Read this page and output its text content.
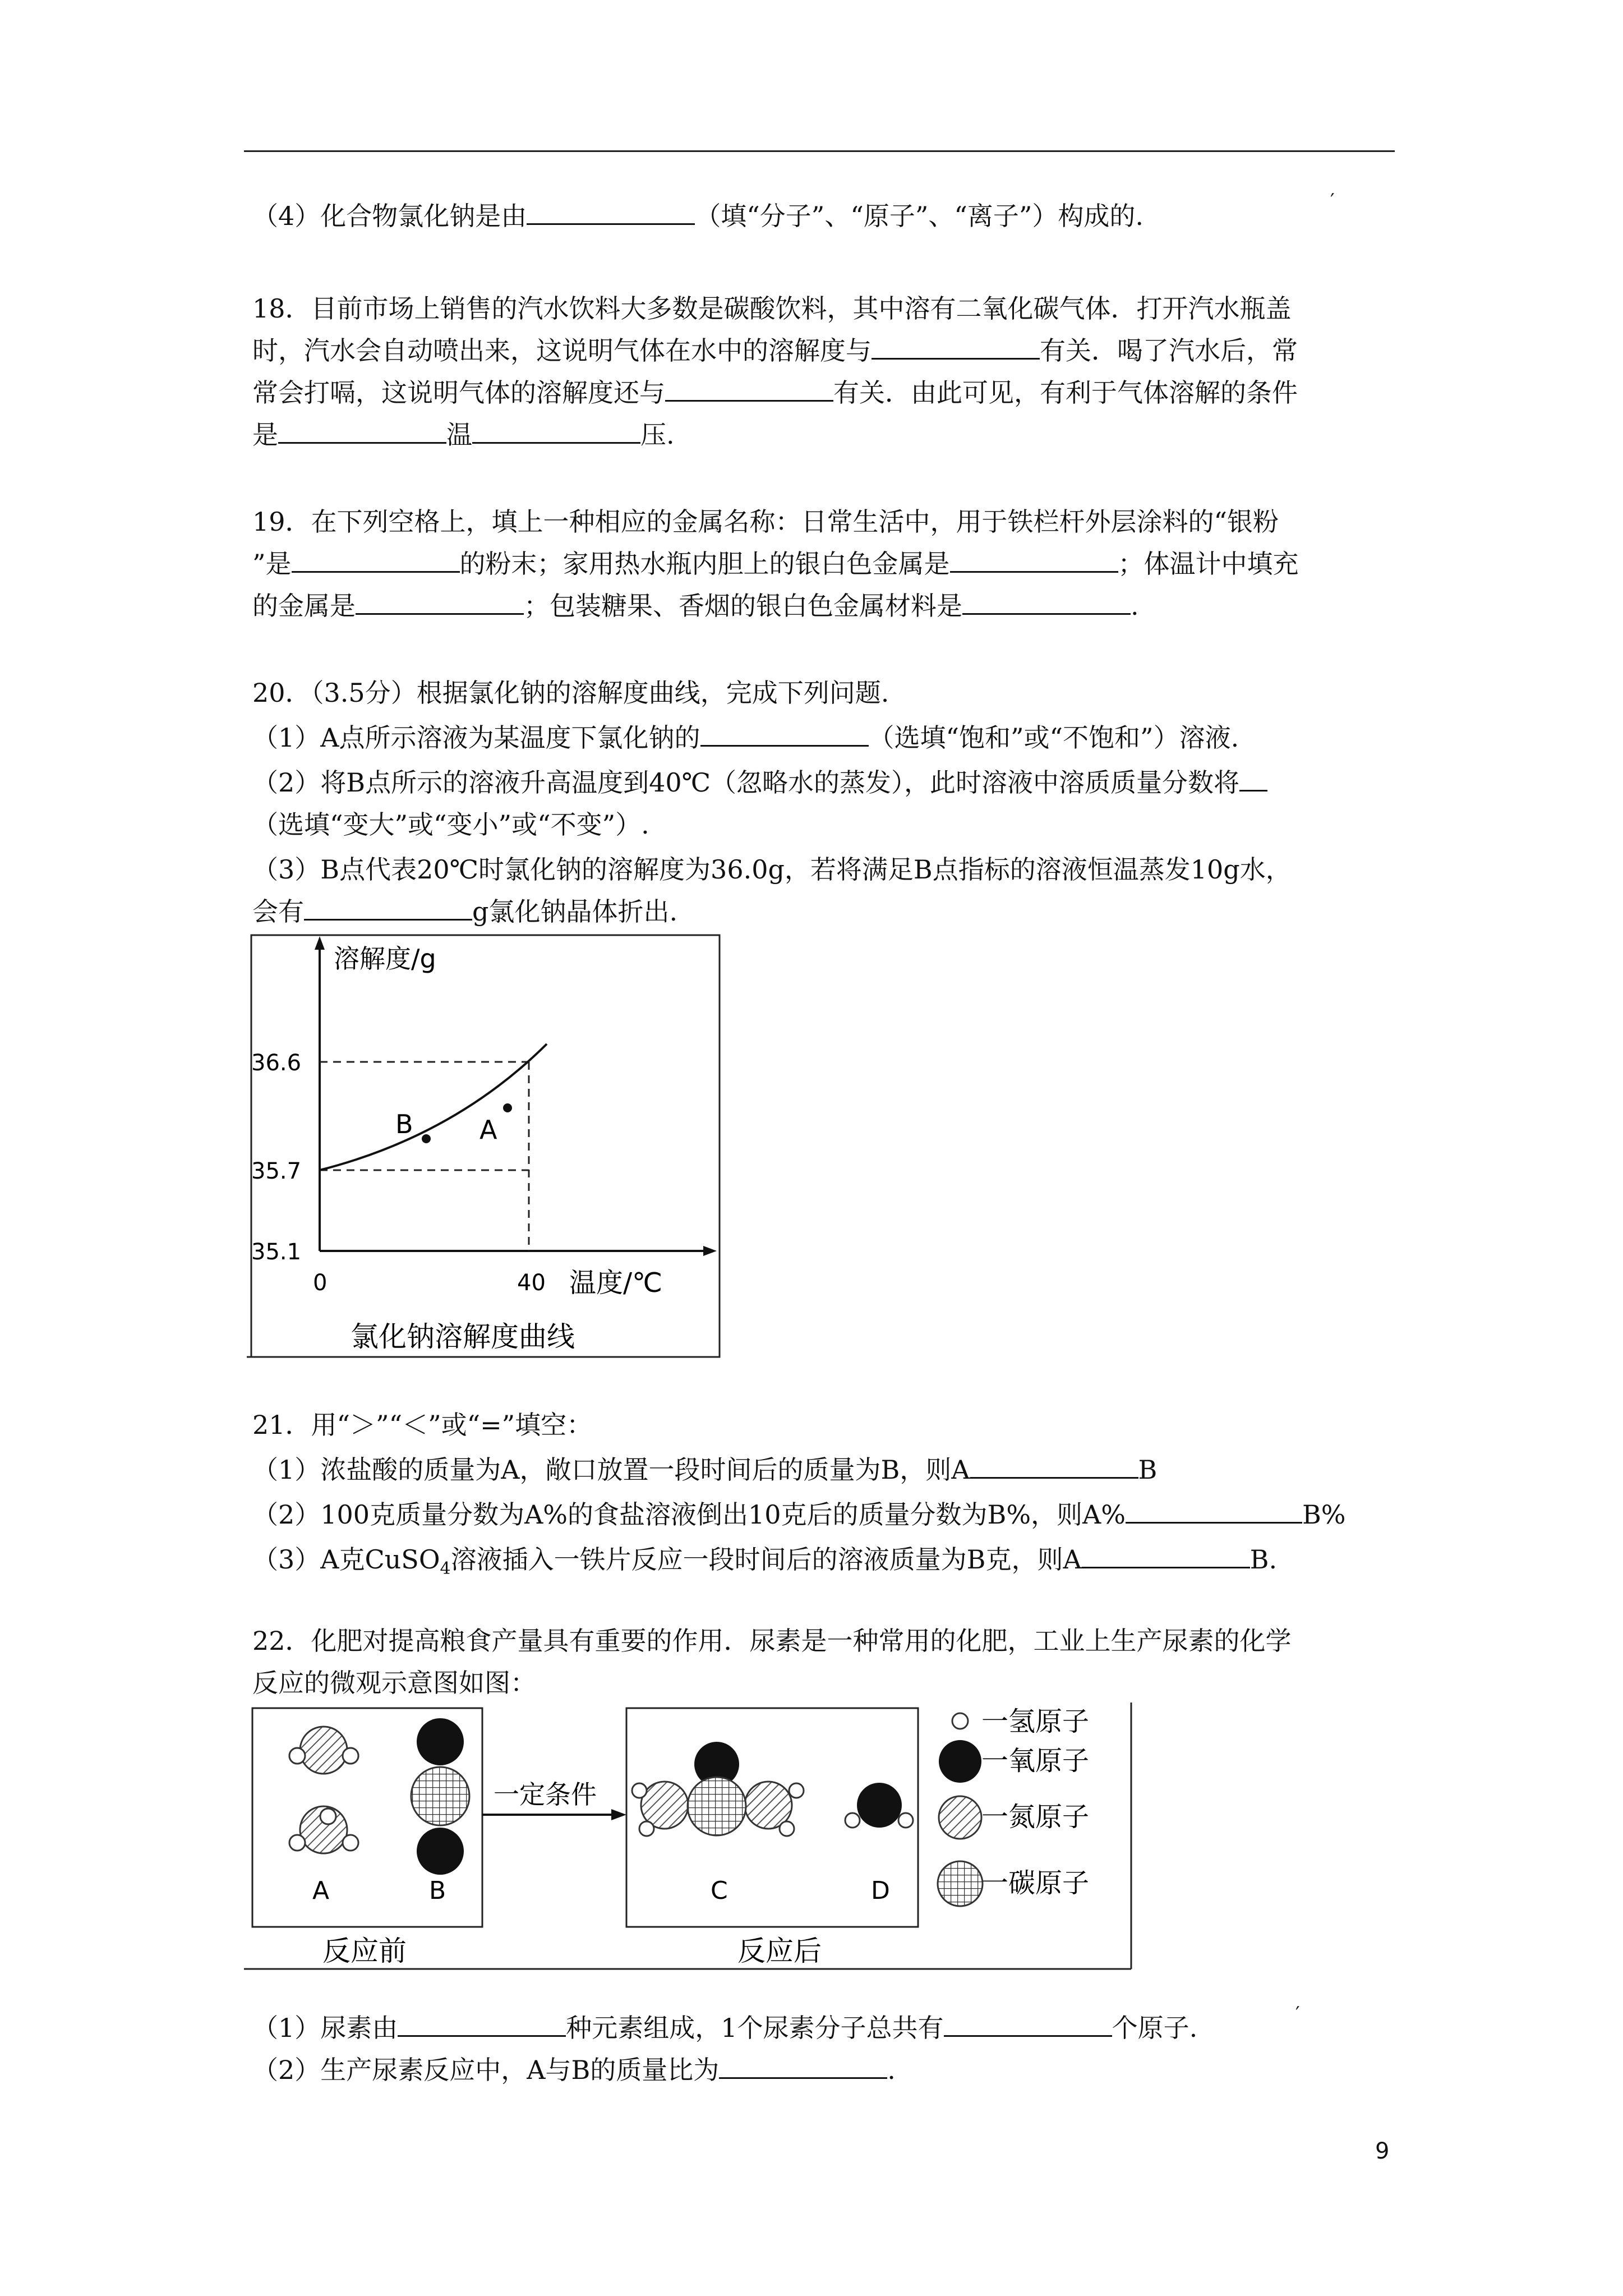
（4）化合物氯化钠是由	（填“分子”、“原子”、“离子”）构成的.	′
18．目前市场上销售的汽水饮料大多数是碳酸饮料，其中溶有二氧化碳气体．打开汽水瓶盖
时，汽水会自动喷出来，这说明气体在水中的溶解度与	有关．喝了汽水后，常
常会打嗝，这说明气体的溶解度还与	有关．由此可见，有利于气体溶解的条件
是	温	压.
19．在下列空格上，填上一种相应的金属名称：日常生活中，用于铁栏杆外层涂料的“银粉
”是	的粉末；家用热水瓶内胆上的银白色金属是	；体温计中填充
的金属是	；包装糖果、香烟的银白色金属材料是	.
20．（3.5分）根据氯化钠的溶解度曲线，完成下列问题.
（1）A点所示溶液为某温度下氯化钠的	（选填“饱和”或“不饱和”）溶液.
（2）将B点所示的溶液升高温度到40℃（忽略水的蒸发），此时溶液中溶质质量分数将
（选填“变大”或“变小”或“不变”）.
（3）B点代表20℃时氯化钠的溶解度为36.0g，若将满足B点指标的溶液恒温蒸发10g水，
会有	g氯化钠晶体折出.
B	A
溶解度/g
36.6
35.7
35.1
0	40 温度/℃
氯化钠溶解度曲线
21．用“＞”“＜”或“=”填空：
（1）浓盐酸的质量为A，敞口放置一段时间后的质量为B，则A	B
（2）100克质量分数为A%的食盐溶液倒出10克后的质量分数为B%，则A%	B%
（3）A克CuSO$_4$溶液插入一铁片反应一段时间后的溶液质量为B克，则A	B.
22．化肥对提高粮食产量具有重要的作用．尿素是一种常用的化肥，工业上生产尿素的化学
反应的微观示意图如图：
A	B
一定条件
C	D
一氢原子
一氧原子
一氮原子
一碳原子
反应前	反应后
（1）尿素由	种元素组成，1个尿素分子总共有	个原子.	′
（2）生产尿素反应中，A与B的质量比为	.
9
